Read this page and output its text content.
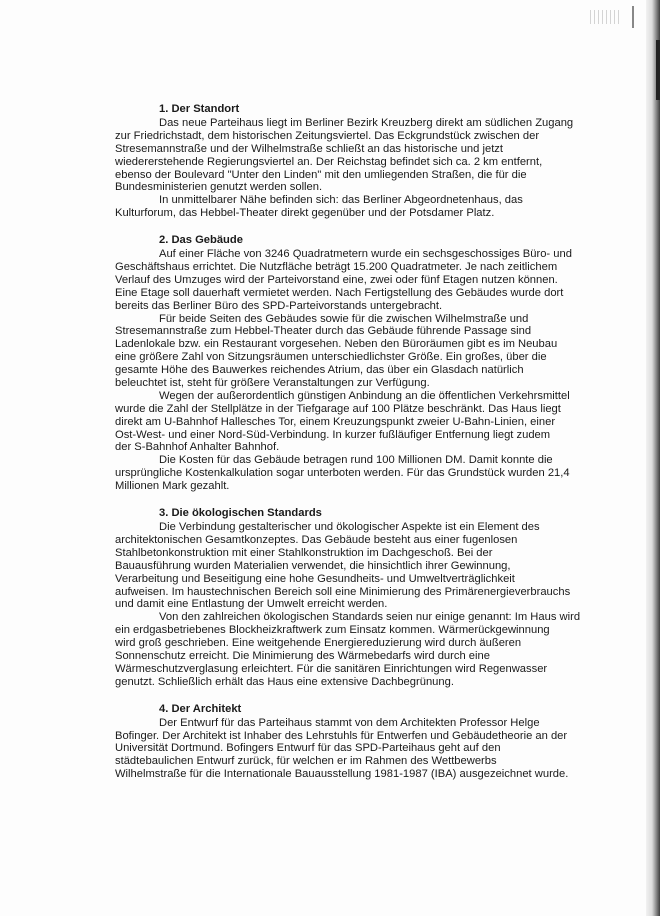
1. Der Standort
Das neue Parteihaus liegt im Berliner Bezirk Kreuzberg direkt am südlichen Zugang
zur Friedrichstadt, dem historischen Zeitungsviertel. Das Eckgrundstück zwischen der
Stresemannstraße und der Wilhelmstraße schließt an das historische und jetzt
wiedererstehende Regierungsviertel an. Der Reichstag befindet sich ca. 2 km entfernt,
ebenso der Boulevard "Unter den Linden" mit den umliegenden Straßen, die für die
Bundesministerien genutzt werden sollen.
In unmittelbarer Nähe befinden sich: das Berliner Abgeordnetenhaus, das
Kulturforum, das Hebbel-Theater direkt gegenüber und der Potsdamer Platz.
2. Das Gebäude
Auf einer Fläche von 3246 Quadratmetern wurde ein sechsgeschossiges Büro- und
Geschäftshaus errichtet. Die Nutzfläche beträgt 15.200 Quadratmeter. Je nach zeitlichem
Verlauf des Umzuges wird der Parteivorstand eine, zwei oder fünf Etagen nutzen können.
Eine Etage soll dauerhaft vermietet werden. Nach Fertigstellung des Gebäudes wurde dort
bereits das Berliner Büro des SPD-Parteivorstands untergebracht.
Für beide Seiten des Gebäudes sowie für die zwischen Wilhelmstraße und
Stresemannstraße zum Hebbel-Theater durch das Gebäude führende Passage sind
Ladenlokale bzw. ein Restaurant vorgesehen. Neben den Büroräumen gibt es im Neubau
eine größere Zahl von Sitzungsräumen unterschiedlichster Größe. Ein großes, über die
gesamte Höhe des Bauwerkes reichendes Atrium, das über ein Glasdach natürlich
beleuchtet ist, steht für größere Veranstaltungen zur Verfügung.
Wegen der außerordentlich günstigen Anbindung an die öffentlichen Verkehrsmittel
wurde die Zahl der Stellplätze in der Tiefgarage auf 100 Plätze beschränkt. Das Haus liegt
direkt am U-Bahnhof Hallesches Tor, einem Kreuzungspunkt zweier U-Bahn-Linien, einer
Ost-West- und einer Nord-Süd-Verbindung. In kurzer fußläufiger Entfernung liegt zudem
der S-Bahnhof Anhalter Bahnhof.
Die Kosten für das Gebäude betragen rund 100 Millionen DM. Damit konnte die
ursprüngliche Kostenkalkulation sogar unterboten werden. Für das Grundstück wurden 21,4
Millionen Mark gezahlt.
3. Die ökologischen Standards
Die Verbindung gestalterischer und ökologischer Aspekte ist ein Element des
architektonischen Gesamtkonzeptes. Das Gebäude besteht aus einer fugenlosen
Stahlbetonkonstruktion mit einer Stahlkonstruktion im Dachgeschoß. Bei der
Bauausführung wurden Materialien verwendet, die hinsichtlich ihrer Gewinnung,
Verarbeitung und Beseitigung eine hohe Gesundheits- und Umweltverträglichkeit
aufweisen. Im haustechnischen Bereich soll eine Minimierung des Primärenergieverbrauchs
und damit eine Entlastung der Umwelt erreicht werden.
Von den zahlreichen ökologischen Standards seien nur einige genannt: Im Haus wird
ein erdgasbetriebenes Blockheizkraftwerk zum Einsatz kommen. Wärmerückgewinnung
wird groß geschrieben. Eine weitgehende Energiereduzierung wird durch äußeren
Sonnenschutz erreicht. Die Minimierung des Wärmebedarfs wird durch eine
Wärmeschutzverglasung erleichtert. Für die sanitären Einrichtungen wird Regenwasser
genutzt. Schließlich erhält das Haus eine extensive Dachbegrünung.
4. Der Architekt
Der Entwurf für das Parteihaus stammt von dem Architekten Professor Helge
Bofinger. Der Architekt ist Inhaber des Lehrstuhls für Entwerfen und Gebäudetheorie an der
Universität Dortmund. Bofingers Entwurf für das SPD-Parteihaus geht auf den
städtebaulichen Entwurf zurück, für welchen er im Rahmen des Wettbewerbs
Wilhelmstraße für die Internationale Bauausstellung 1981-1987 (IBA) ausgezeichnet wurde.
